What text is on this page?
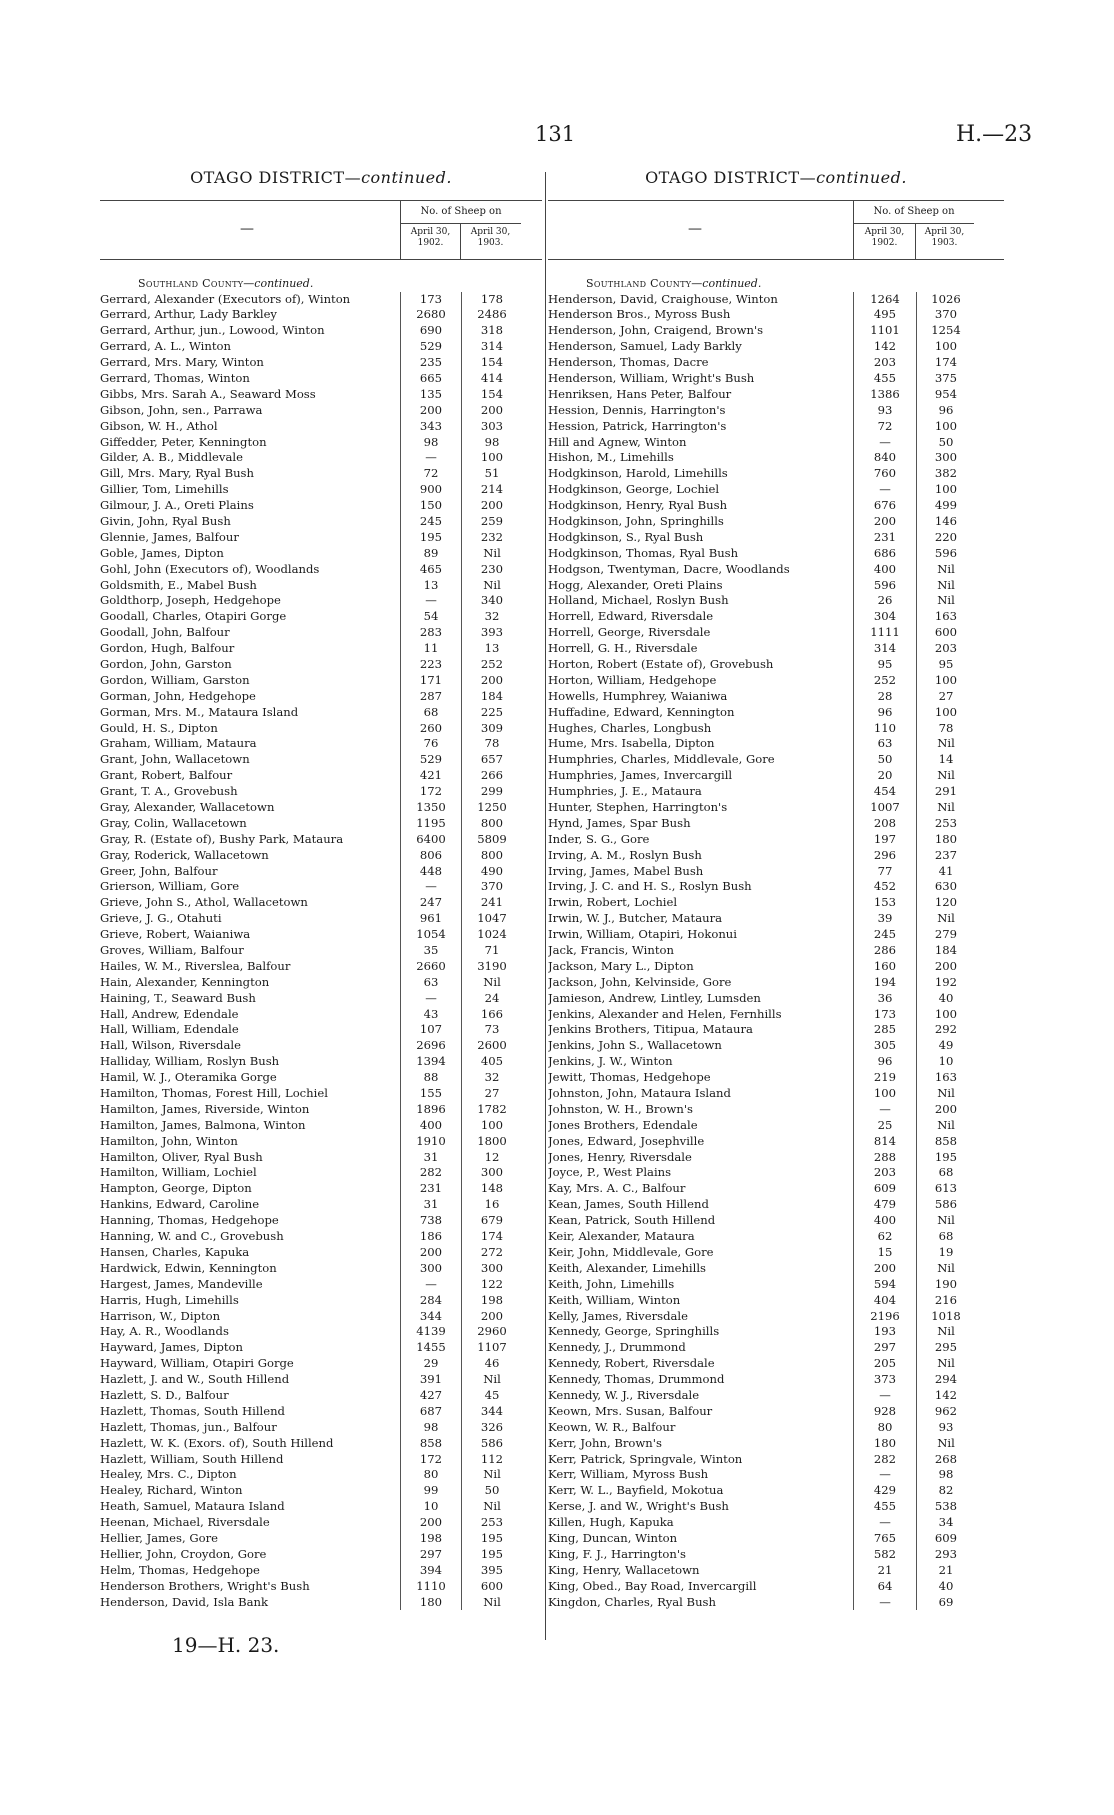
131	H.—23
OTAGO DISTRICT—continued.
—
No. of Sheep on
April 30, 1902.
April 30, 1903.
Southland County—continued.
Gerrard, Alexander (Executors of), Winton	173	178
Gerrard, Arthur, Lady Barkley	2680	2486
Gerrard, Arthur, jun., Lowood, Winton	690	318
Gerrard, A. L., Winton	529	314
Gerrard, Mrs. Mary, Winton	235	154
Gerrard, Thomas, Winton	665	414
Gibbs, Mrs. Sarah A., Seaward Moss	135	154
Gibson, John, sen., Parrawa	200	200
Gibson, W. H., Athol	343	303
Giffedder, Peter, Kennington	98	98
Gilder, A. B., Middlevale	—	100
Gill, Mrs. Mary, Ryal Bush	72	51
Gillier, Tom, Limehills	900	214
Gilmour, J. A., Oreti Plains	150	200
Givin, John, Ryal Bush	245	259
Glennie, James, Balfour	195	232
Goble, James, Dipton	89	Nil
Gohl, John (Executors of), Woodlands	465	230
Goldsmith, E., Mabel Bush	13	Nil
Goldthorp, Joseph, Hedgehope	—	340
Goodall, Charles, Otapiri Gorge	54	32
Goodall, John, Balfour	283	393
Gordon, Hugh, Balfour	11	13
Gordon, John, Garston	223	252
Gordon, William, Garston	171	200
Gorman, John, Hedgehope	287	184
Gorman, Mrs. M., Mataura Island	68	225
Gould, H. S., Dipton	260	309
Graham, William, Mataura	76	78
Grant, John, Wallacetown	529	657
Grant, Robert, Balfour	421	266
Grant, T. A., Grovebush	172	299
Gray, Alexander, Wallacetown	1350	1250
Gray, Colin, Wallacetown	1195	800
Gray, R. (Estate of), Bushy Park, Mataura	6400	5809
Gray, Roderick, Wallacetown	806	800
Greer, John, Balfour	448	490
Grierson, William, Gore	—	370
Grieve, John S., Athol, Wallacetown	247	241
Grieve, J. G., Otahuti	961	1047
Grieve, Robert, Waianiwa	1054	1024
Groves, William, Balfour	35	71
Hailes, W. M., Riverslea, Balfour	2660	3190
Hain, Alexander, Kennington	63	Nil
Haining, T., Seaward Bush	—	24
Hall, Andrew, Edendale	43	166
Hall, William, Edendale	107	73
Hall, Wilson, Riversdale	2696	2600
Halliday, William, Roslyn Bush	1394	405
Hamil, W. J., Oteramika Gorge	88	32
Hamilton, Thomas, Forest Hill, Lochiel	155	27
Hamilton, James, Riverside, Winton	1896	1782
Hamilton, James, Balmona, Winton	400	100
Hamilton, John, Winton	1910	1800
Hamilton, Oliver, Ryal Bush	31	12
Hamilton, William, Lochiel	282	300
Hampton, George, Dipton	231	148
Hankins, Edward, Caroline	31	16
Hanning, Thomas, Hedgehope	738	679
Hanning, W. and C., Grovebush	186	174
Hansen, Charles, Kapuka	200	272
Hardwick, Edwin, Kennington	300	300
Hargest, James, Mandeville	—	122
Harris, Hugh, Limehills	284	198
Harrison, W., Dipton	344	200
Hay, A. R., Woodlands	4139	2960
Hayward, James, Dipton	1455	1107
Hayward, William, Otapiri Gorge	29	46
Hazlett, J. and W., South Hillend	391	Nil
Hazlett, S. D., Balfour	427	45
Hazlett, Thomas, South Hillend	687	344
Hazlett, Thomas, jun., Balfour	98	326
Hazlett, W. K. (Exors. of), South Hillend	858	586
Hazlett, William, South Hillend	172	112
Healey, Mrs. C., Dipton	80	Nil
Healey, Richard, Winton	99	50
Heath, Samuel, Mataura Island	10	Nil
Heenan, Michael, Riversdale	200	253
Hellier, James, Gore	198	195
Hellier, John, Croydon, Gore	297	195
Helm, Thomas, Hedgehope	394	395
Henderson Brothers, Wright's Bush	1110	600
Henderson, David, Isla Bank	180	Nil
OTAGO DISTRICT—continued.
—
No. of Sheep on
April 30, 1902.
April 30, 1903.
Southland County—continued.
Henderson, David, Craighouse, Winton	1264	1026
Henderson Bros., Myross Bush	495	370
Henderson, John, Craigend, Brown's	1101	1254
Henderson, Samuel, Lady Barkly	142	100
Henderson, Thomas, Dacre	203	174
Henderson, William, Wright's Bush	455	375
Henriksen, Hans Peter, Balfour	1386	954
Hession, Dennis, Harrington's	93	96
Hession, Patrick, Harrington's	72	100
Hill and Agnew, Winton	—	50
Hishon, M., Limehills	840	300
Hodgkinson, Harold, Limehills	760	382
Hodgkinson, George, Lochiel	—	100
Hodgkinson, Henry, Ryal Bush	676	499
Hodgkinson, John, Springhills	200	146
Hodgkinson, S., Ryal Bush	231	220
Hodgkinson, Thomas, Ryal Bush	686	596
Hodgson, Twentyman, Dacre, Woodlands	400	Nil
Hogg, Alexander, Oreti Plains	596	Nil
Holland, Michael, Roslyn Bush	26	Nil
Horrell, Edward, Riversdale	304	163
Horrell, George, Riversdale	1111	600
Horrell, G. H., Riversdale	314	203
Horton, Robert (Estate of), Grovebush	95	95
Horton, William, Hedgehope	252	100
Howells, Humphrey, Waianiwa	28	27
Huffadine, Edward, Kennington	96	100
Hughes, Charles, Longbush	110	78
Hume, Mrs. Isabella, Dipton	63	Nil
Humphries, Charles, Middlevale, Gore	50	14
Humphries, James, Invercargill	20	Nil
Humphries, J. E., Mataura	454	291
Hunter, Stephen, Harrington's	1007	Nil
Hynd, James, Spar Bush	208	253
Inder, S. G., Gore	197	180
Irving, A. M., Roslyn Bush	296	237
Irving, James, Mabel Bush	77	41
Irving, J. C. and H. S., Roslyn Bush	452	630
Irwin, Robert, Lochiel	153	120
Irwin, W. J., Butcher, Mataura	39	Nil
Irwin, William, Otapiri, Hokonui	245	279
Jack, Francis, Winton	286	184
Jackson, Mary L., Dipton	160	200
Jackson, John, Kelvinside, Gore	194	192
Jamieson, Andrew, Lintley, Lumsden	36	40
Jenkins, Alexander and Helen, Fernhills	173	100
Jenkins Brothers, Titipua, Mataura	285	292
Jenkins, John S., Wallacetown	305	49
Jenkins, J. W., Winton	96	10
Jewitt, Thomas, Hedgehope	219	163
Johnston, John, Mataura Island	100	Nil
Johnston, W. H., Brown's	—	200
Jones Brothers, Edendale	25	Nil
Jones, Edward, Josephville	814	858
Jones, Henry, Riversdale	288	195
Joyce, P., West Plains	203	68
Kay, Mrs. A. C., Balfour	609	613
Kean, James, South Hillend	479	586
Kean, Patrick, South Hillend	400	Nil
Keir, Alexander, Mataura	62	68
Keir, John, Middlevale, Gore	15	19
Keith, Alexander, Limehills	200	Nil
Keith, John, Limehills	594	190
Keith, William, Winton	404	216
Kelly, James, Riversdale	2196	1018
Kennedy, George, Springhills	193	Nil
Kennedy, J., Drummond	297	295
Kennedy, Robert, Riversdale	205	Nil
Kennedy, Thomas, Drummond	373	294
Kennedy, W. J., Riversdale	—	142
Keown, Mrs. Susan, Balfour	928	962
Keown, W. R., Balfour	80	93
Kerr, John, Brown's	180	Nil
Kerr, Patrick, Springvale, Winton	282	268
Kerr, William, Myross Bush	—	98
Kerr, W. L., Bayfield, Mokotua	429	82
Kerse, J. and W., Wright's Bush	455	538
Killen, Hugh, Kapuka	—	34
King, Duncan, Winton	765	609
King, F. J., Harrington's	582	293
King, Henry, Wallacetown	21	21
King, Obed., Bay Road, Invercargill	64	40
Kingdon, Charles, Ryal Bush	—	69
19—H. 23.
